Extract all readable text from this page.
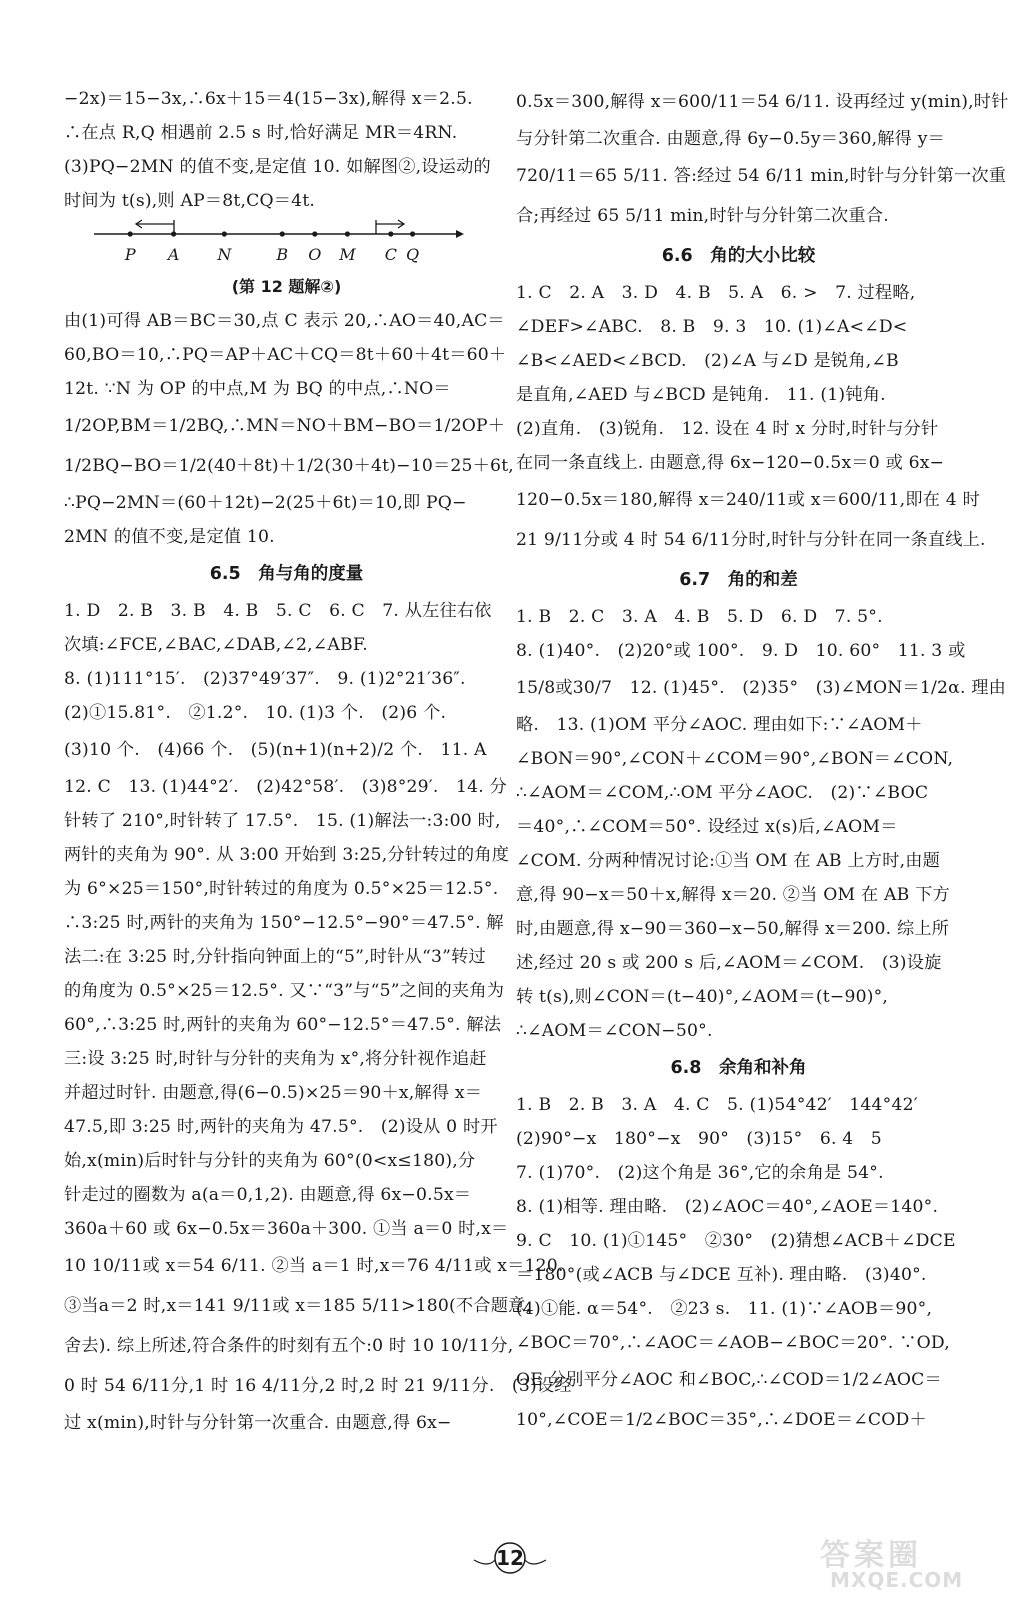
−2x)＝15−3x,∴6x＋15＝4(15−3x),解得 x＝2.5.
∴在点 R,Q 相遇前 2.5 s 时,恰好满足 MR＝4RN.
(3)PQ−2MN 的值不变,是定值 10. 如解图②,设运动的
时间为 t(s),则 AP＝8t,CQ＝4t.
P A N	B O M C Q
(第 12 题解②)
由(1)可得 AB＝BC＝30,点 C 表示 20,∴AO＝40,AC＝
60,BO＝10,∴PQ＝AP＋AC＋CQ＝8t＋60＋4t＝60＋
12t. ∵N 为 OP 的中点,M 为 BQ 的中点,∴NO＝
1/2OP,BM＝1/2BQ,∴MN＝NO＋BM−BO＝1/2OP＋
1/2BQ−BO＝1/2(40＋8t)＋1/2(30＋4t)−10＝25＋6t,
∴PQ−2MN＝(60＋12t)−2(25＋6t)＝10,即 PQ−
2MN 的值不变,是定值 10.
6.5　角与角的度量
1. D　2. B　3. B　4. B　5. C　6. C　7. 从左往右依
次填:∠FCE,∠BAC,∠DAB,∠2,∠ABF.
8. (1)111°15′.　(2)37°49′37″.　9. (1)2°21′36″.
(2)①15.81°.　②1.2°.　10. (1)3 个.　(2)6 个.
(3)10 个.　(4)66 个.　(5)(n+1)(n+2)/2 个.　11. A
12. C　13. (1)44°2′.　(2)42°58′.　(3)8°29′.　14. 分
针转了 210°,时针转了 17.5°.　15. (1)解法一:3:00 时,
两针的夹角为 90°. 从 3:00 开始到 3:25,分针转过的角度
为 6°×25＝150°,时针转过的角度为 0.5°×25＝12.5°.
∴3:25 时,两针的夹角为 150°−12.5°−90°＝47.5°. 解
法二:在 3:25 时,分针指向钟面上的“5”,时针从“3”转过
的角度为 0.5°×25＝12.5°. 又∵“3”与“5”之间的夹角为
60°,∴3:25 时,两针的夹角为 60°−12.5°＝47.5°. 解法
三:设 3:25 时,时针与分针的夹角为 x°,将分针视作追赶
并超过时针. 由题意,得(6−0.5)×25＝90＋x,解得 x＝
47.5,即 3:25 时,两针的夹角为 47.5°.　(2)设从 0 时开
始,x(min)后时针与分针的夹角为 60°(0<x≤180),分
针走过的圈数为 a(a＝0,1,2). 由题意,得 6x−0.5x＝
360a＋60 或 6x−0.5x＝360a＋300. ①当 a＝0 时,x＝
10 10/11或 x＝54 6/11. ②当 a＝1 时,x＝76 4/11或 x＝120.
③当a＝2 时,x＝141 9/11或 x＝185 5/11>180(不合题意,
舍去). 综上所述,符合条件的时刻有五个:0 时 10 10/11分,
0 时 54 6/11分,1 时 16 4/11分,2 时,2 时 21 9/11分.　(3)设经
过 x(min),时针与分针第一次重合. 由题意,得 6x−
0.5x＝300,解得 x＝600/11＝54 6/11. 设再经过 y(min),时针
与分针第二次重合. 由题意,得 6y−0.5y＝360,解得 y＝
720/11＝65 5/11. 答:经过 54 6/11 min,时针与分针第一次重
合;再经过 65 5/11 min,时针与分针第二次重合.
6.6　角的大小比较
1. C　2. A　3. D　4. B　5. A　6. >　7. 过程略,
∠DEF>∠ABC.　8. B　9. 3　10. (1)∠A<∠D<
∠B<∠AED<∠BCD.　(2)∠A 与∠D 是锐角,∠B
是直角,∠AED 与∠BCD 是钝角.　11. (1)钝角.
(2)直角.　(3)锐角.　12. 设在 4 时 x 分时,时针与分针
在同一条直线上. 由题意,得 6x−120−0.5x＝0 或 6x−
120−0.5x＝180,解得 x＝240/11或 x＝600/11,即在 4 时
21 9/11分或 4 时 54 6/11分时,时针与分针在同一条直线上.
6.7　角的和差
1. B　2. C　3. A　4. B　5. D　6. D　7. 5°.
8. (1)40°.　(2)20°或 100°.　9. D　10. 60°　11. 3 或
15/8或30/7　12. (1)45°.　(2)35°　(3)∠MON＝1/2α. 理由
略.　13. (1)OM 平分∠AOC. 理由如下:∵∠AOM＋
∠BON＝90°,∠CON＋∠COM＝90°,∠BON＝∠CON,
∴∠AOM＝∠COM,∴OM 平分∠AOC.　(2)∵∠BOC
＝40°,∴∠COM＝50°. 设经过 x(s)后,∠AOM＝
∠COM. 分两种情况讨论:①当 OM 在 AB 上方时,由题
意,得 90−x＝50＋x,解得 x＝20. ②当 OM 在 AB 下方
时,由题意,得 x−90＝360−x−50,解得 x＝200. 综上所
述,经过 20 s 或 200 s 后,∠AOM＝∠COM.　(3)设旋
转 t(s),则∠CON＝(t−40)°,∠AOM＝(t−90)°,
∴∠AOM＝∠CON−50°.
6.8　余角和补角
1. B　2. B　3. A　4. C　5. (1)54°42′　144°42′
(2)90°−x　180°−x　90°　(3)15°　6. 4　5
7. (1)70°.　(2)这个角是 36°,它的余角是 54°.
8. (1)相等. 理由略.　(2)∠AOC＝40°,∠AOE＝140°.
9. C　10. (1)①145°　②30°　(2)猜想∠ACB＋∠DCE
＝180°(或∠ACB 与∠DCE 互补). 理由略.　(3)40°.
(4)①能. α＝54°.　②23 s.　11. (1)∵∠AOB＝90°,
∠BOC＝70°,∴∠AOC＝∠AOB−∠BOC＝20°. ∵OD,
OE 分别平分∠AOC 和∠BOC,∴∠COD＝1/2∠AOC＝
10°,∠COE＝1/2∠BOC＝35°,∴∠DOE＝∠COD＋
12	答案圈
MXQE.COM
